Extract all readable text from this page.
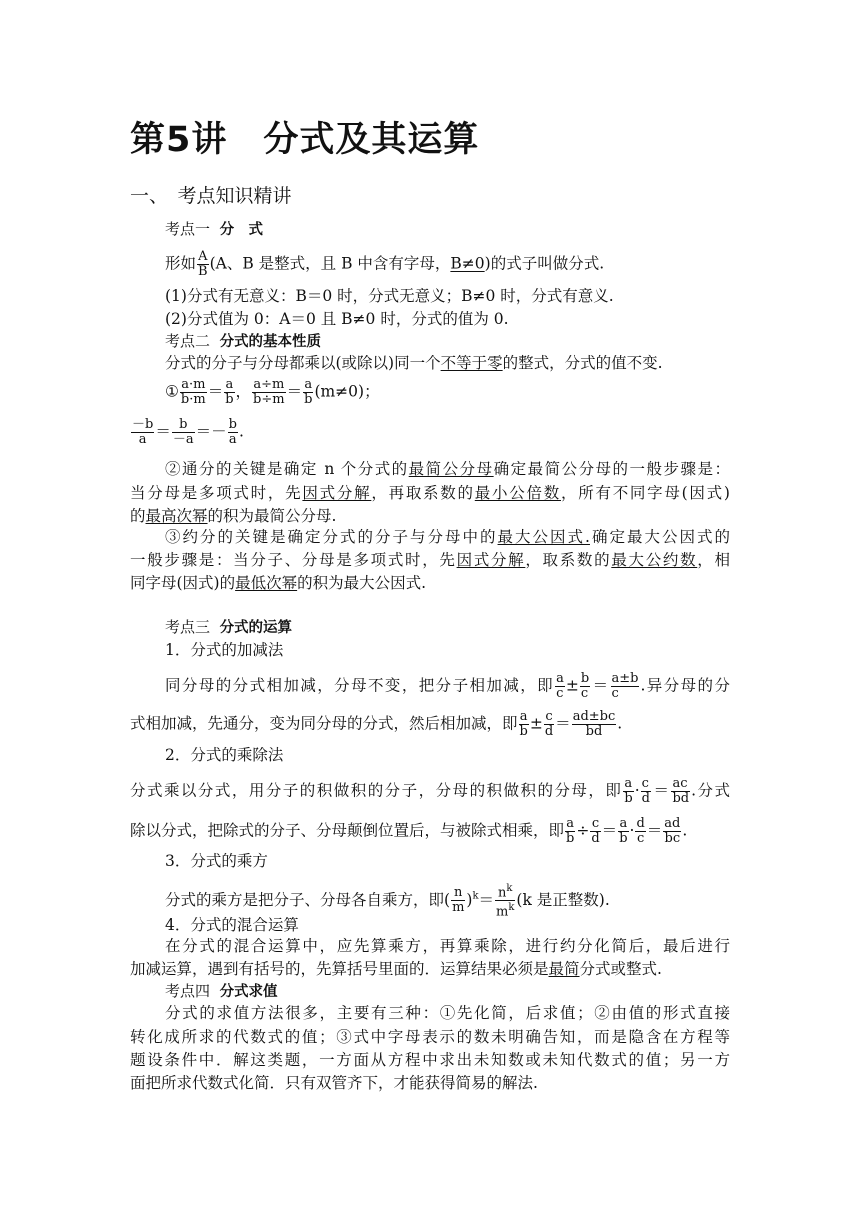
第5讲　分式及其运算
一、　考点知识精讲
考点一 分　式
形如 $\frac{A}{B} (A$、B 是整式，且 B 中含有字母，B≠0)的式子叫做分式.
(1)分式有无意义：B＝0 时，分式无意义；B≠0 时，分式有意义.
(2)分式值为 0：A＝0 且 B≠0 时，分式的值为 0.
考点二 分式的基本性质
分式的分子与分母都乘以(或除以)同一个不等于零的整式，分式的值不变.
① $\frac{a\cdot m}{b\cdot m} = \frac{a}{b}$ ， $\frac{a\div m}{b\div m} = \frac{a}{b} (m\ne 0)$；
$\frac{-b}{a} = \frac{b}{-a} =- \frac{b}{a}$ .
②通分的关键是确定 n 个分式的最简公分母确定最简公分母的一般步骤是：
当分母是多项式时，先因式分解，再取系数的最小公倍数，所有不同字母(因式)
的最高次幂的积为最简公分母.
③约分的关键是确定分式的分子与分母中的最大公因式.确定最大公因式的
一般步骤是：当分子、分母是多项式时，先因式分解，取系数的最大公约数，相
同字母(因式)的最低次幂的积为最大公因式.
考点三 分式的运算
1．分式的加减法
同分母的分式相加减，分母不变，把分子相加减，即 $\frac{a}{c} \pm \frac{b}{c} = \frac{a\pm b}{c}$ .异分母的分
式相加减，先通分，变为同分母的分式，然后相加减，即 $\frac{a}{b} \pm \frac{c}{d} = \frac{ad\pm bc}{bd}$ .
2．分式的乘除法
分式乘以分式，用分子的积做积的分子，分母的积做积的分母，即 $\frac{a}{b} \cdot \frac{c}{d} = \frac{ac}{bd}$ .分式
除以分式，把除式的分子、分母颠倒位置后，与被除式相乘，即 $\frac{a}{b} \div \frac{c}{d} = \frac{a}{b} \cdot \frac{d}{c} = \frac{ad}{bc}$ .
3．分式的乘方
分式的乘方是把分子、分母各自乘方，即( $\frac{n}{m} )^k= \frac{n^k}{m^k} (k$ 是正整数).
4．分式的混合运算
在分式的混合运算中，应先算乘方，再算乘除，进行约分化简后，最后进行
加减运算，遇到有括号的，先算括号里面的．运算结果必须是最简分式或整式.
考点四 分式求值
分式的求值方法很多，主要有三种：①先化简，后求值；②由值的形式直接
转化成所求的代数式的值；③式中字母表示的数未明确告知，而是隐含在方程等
题设条件中．解这类题，一方面从方程中求出未知数或未知代数式的值；另一方
面把所求代数式化简．只有双管齐下，才能获得简易的解法.
